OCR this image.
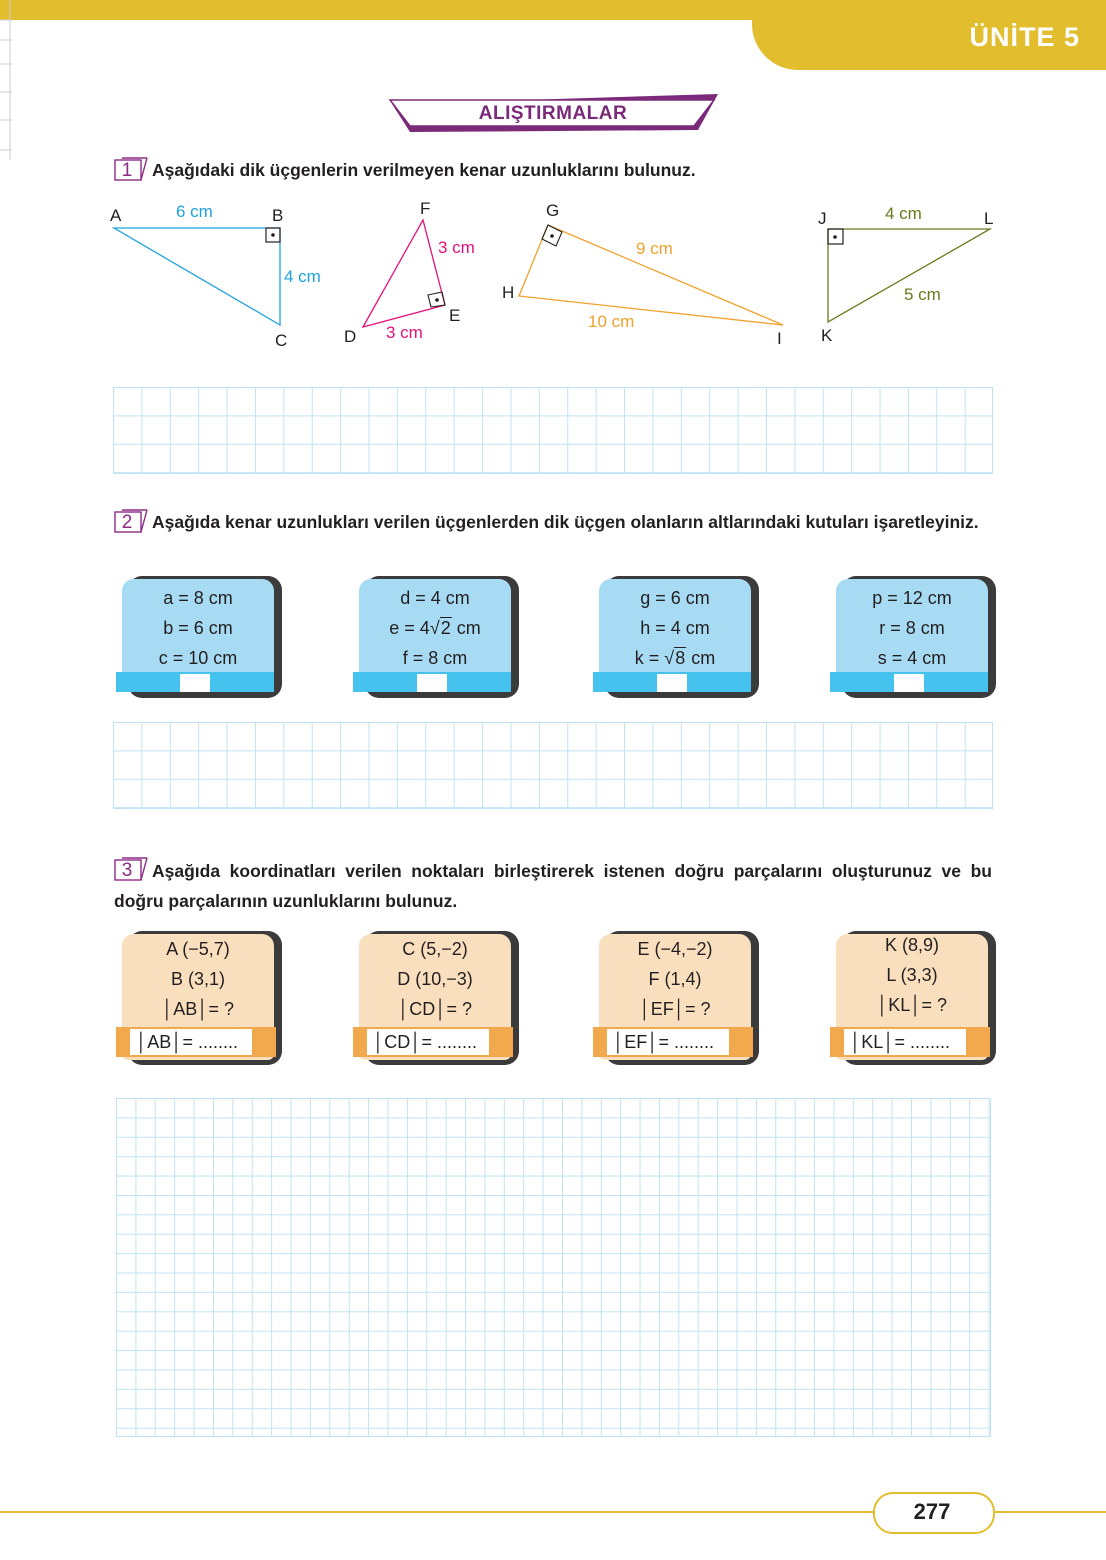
ÜNİTE 5
ALIŞTIRMALAR
1	Aşağıdaki dik üçgenlerin verilmeyen kenar uzunluklarını bulunuz.
A	B
C
6 cm
4 cm
F
E
D
3 cm
3 cm
G
H
I
9 cm
10 cm
J	L
K
4 cm
5 cm
2	Aşağıda kenar uzunlukları verilen üçgenlerden dik üçgen olanların altlarındaki kutuları işaretleyiniz.
a = 8 cm
b = 6 cm
c = 10 cm
d = 4 cm
e = 4√2 cm
f = 8 cm
g = 6 cm
h = 4 cm
k = √8 cm
p = 12 cm
r = 8 cm
s = 4 cm
3	Aşağıda koordinatları verilen noktaları birleştirerek istenen doğru parçalarını oluşturunuz ve bu doğru parçalarının uzunluklarını bulunuz.
A (−5,7)
B (3,1)
│AB│= ?
│AB│= ........
C (5,−2)
D (10,−3)
│CD│= ?
│CD│= ........
E (−4,−2)
F (1,4)
│EF│= ?
│EF│= ........
K (8,9)
L (3,3)
│KL│= ?
│KL│= ........
277
